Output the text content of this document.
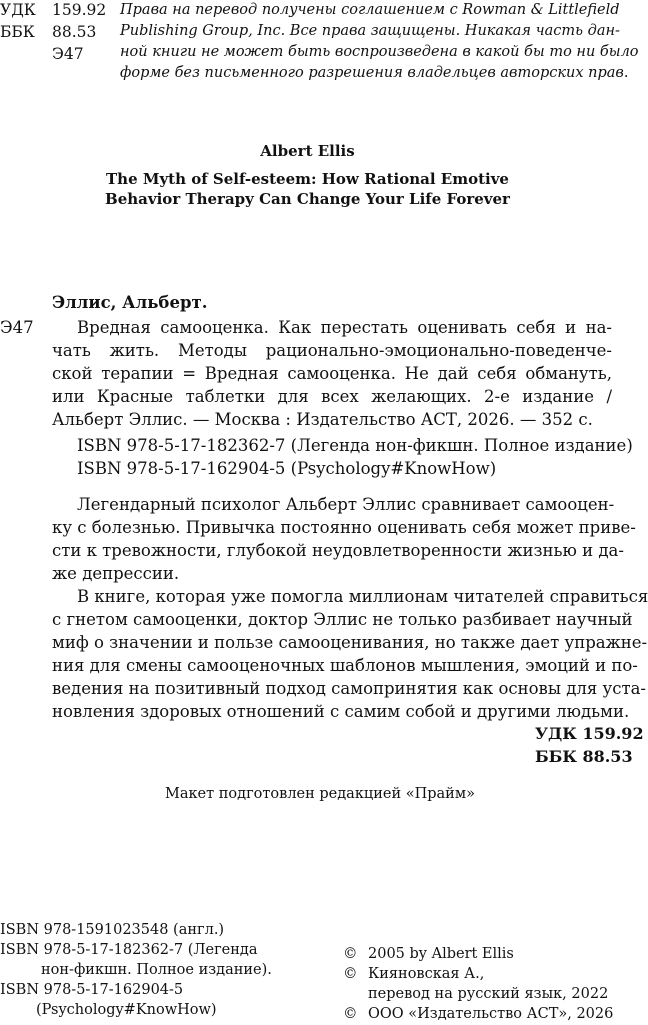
УДК 159.92
ББК 88.53
Э47
Права на перевод получены соглашением с Rowman & Littlefield
Publishing Group, Inc. Все права защищены. Никакая часть дан-
ной книги не может быть воспроизведена в какой бы то ни было
форме без письменного разрешения владельцев авторских прав.
Albert Ellis
The Myth of Self-esteem: How Rational Emotive
Behavior Therapy Can Change Your Life Forever
Эллис, Альберт.
Э47	Вредная самооценка. Как перестать оценивать себя и на-
чать жить. Методы рационально-эмоционально-поведенче-
ской терапии = Вредная самооценка. Не дай себя обмануть,
или Красные таблетки для всех желающих. 2-е издание /
Альберт Эллис. — Москва : Издательство АСТ, 2026. — 352 с.
ISBN 978-5-17-182362-7 (Легенда нон-фикшн. Полное издание)
ISBN 978-5-17-162904-5 (Psychology#KnowHow)
Легендарный психолог Альберт Эллис сравнивает самооцен-
ку с болезнью. Привычка постоянно оценивать себя может приве-
сти к тревожности, глубокой неудовлетворенности жизнью и да-
же депрессии.
В книге, которая уже помогла миллионам читателей справиться
с гнетом самооценки, доктор Эллис не только разбивает научный
миф о значении и пользе самооценивания, но также дает упражне-
ния для смены самооценочных шаблонов мышления, эмоций и по-
ведения на позитивный подход самопринятия как основы для уста-
новления здоровых отношений с самим собой и другими людьми.
УДК 159.92
ББК 88.53
Макет подготовлен редакцией «Прайм»
ISBN 978-1591023548 (англ.)
ISBN 978-5-17-182362-7 (Легенда
нон-фикшн. Полное издание).
ISBN 978-5-17-162904-5
(Psychology#KnowHow)
© 2005 by Albert Ellis
© Кияновская А.,
перевод на русский язык, 2022
© ООО «Издательство АСТ», 2026
